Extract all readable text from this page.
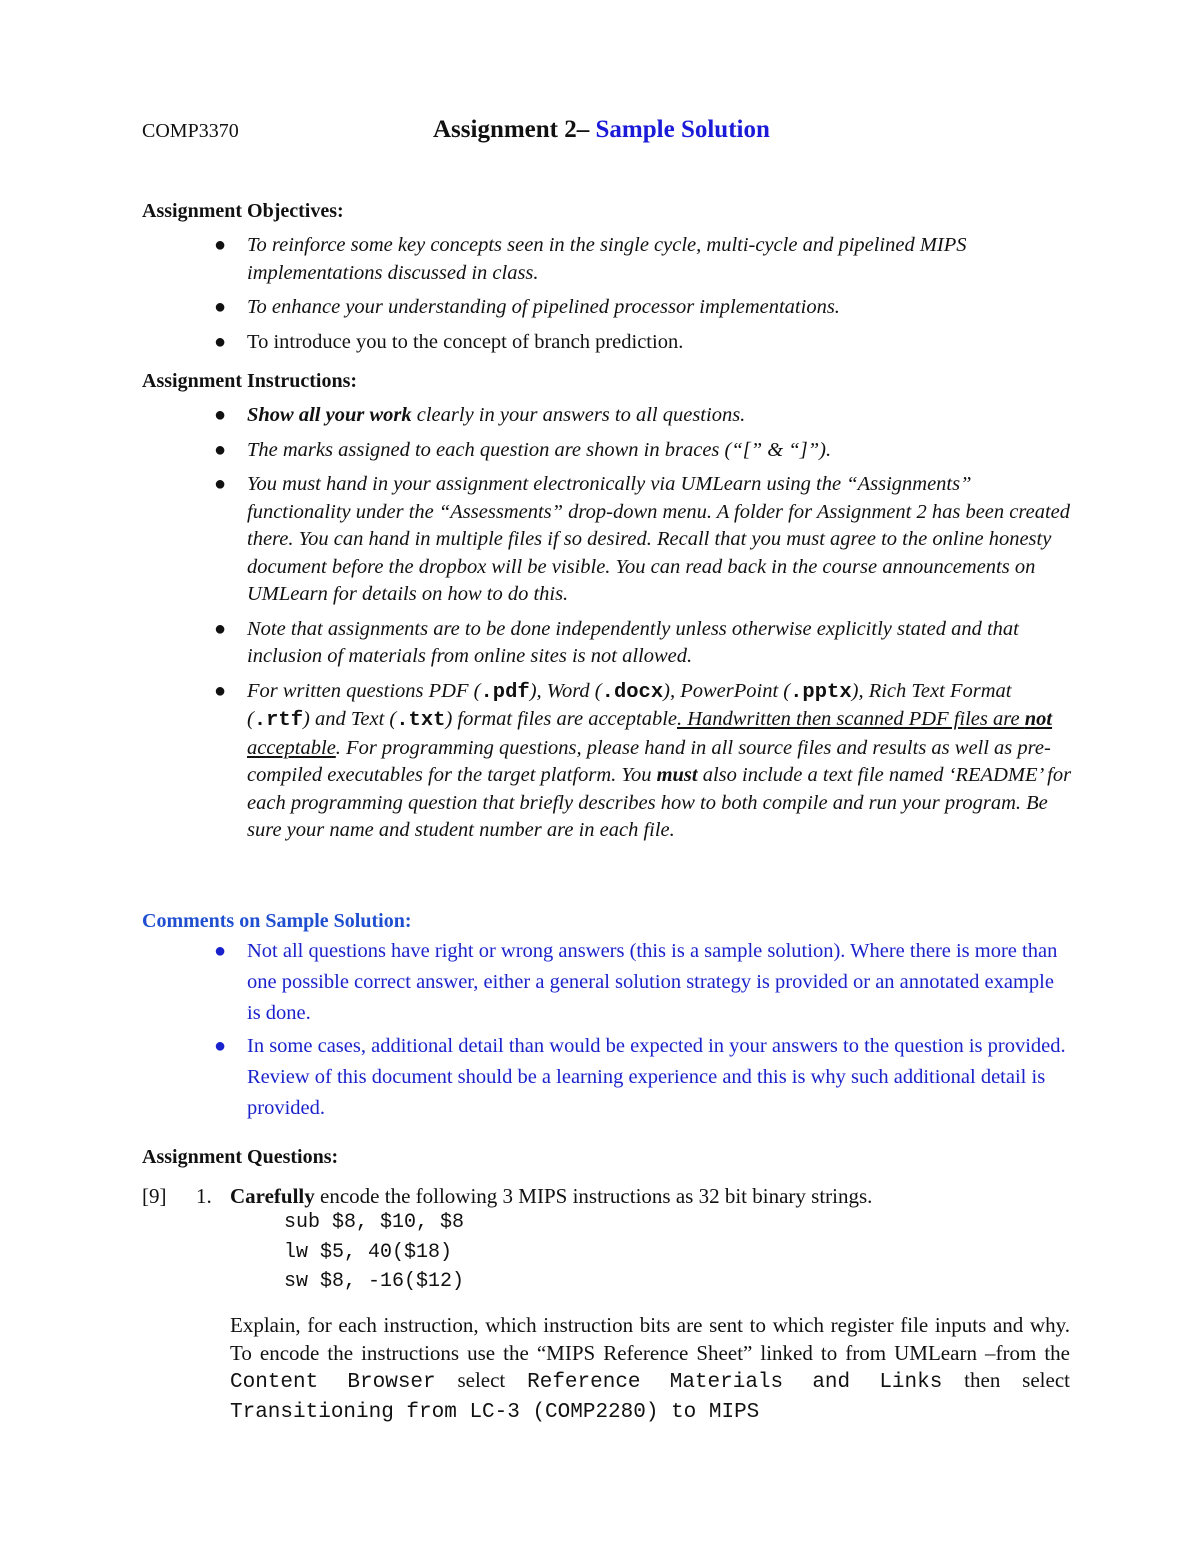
COMP3370	Assignment 2– Sample Solution
Assignment Objectives:
● To reinforce some key concepts seen in the single cycle, multi-cycle and pipelined MIPS implementations discussed in class.
● To enhance your understanding of pipelined processor implementations.
● To introduce you to the concept of branch prediction.
Assignment Instructions:
● Show all your work clearly in your answers to all questions.
● The marks assigned to each question are shown in braces (“[” & “]”).
● You must hand in your assignment electronically via UMLearn using the “Assignments” functionality under the “Assessments” drop-down menu. A folder for Assignment 2 has been created there. You can hand in multiple files if so desired. Recall that you must agree to the online honesty document before the dropbox will be visible. You can read back in the course announcements on UMLearn for details on how to do this.
● Note that assignments are to be done independently unless otherwise explicitly stated and that inclusion of materials from online sites is not allowed.
● For written questions PDF (.pdf), Word (.docx), PowerPoint (.pptx), Rich Text Format (.rtf) and Text (.txt) format files are acceptable. Handwritten then scanned PDF files are not acceptable. For programming questions, please hand in all source files and results as well as pre-compiled executables for the target platform. You must also include a text file named ‘README’ for each programming question that briefly describes how to both compile and run your program. Be sure your name and student number are in each file.
Comments on Sample Solution:
● Not all questions have right or wrong answers (this is a sample solution). Where there is more than one possible correct answer, either a general solution strategy is provided or an annotated example is done.
● In some cases, additional detail than would be expected in your answers to the question is provided. Review of this document should be a learning experience and this is why such additional detail is provided.
Assignment Questions:
[9] 1. Carefully encode the following 3 MIPS instructions as 32 bit binary strings.
sub $8, $10, $8
lw $5, 40($18)
sw $8, -16($12)
Explain, for each instruction, which instruction bits are sent to which register file inputs and why. To encode the instructions use the “MIPS Reference Sheet” linked to from UMLearn –from the Content Browser select Reference Materials and Links then select Transitioning from LC-3 (COMP2280) to MIPS
